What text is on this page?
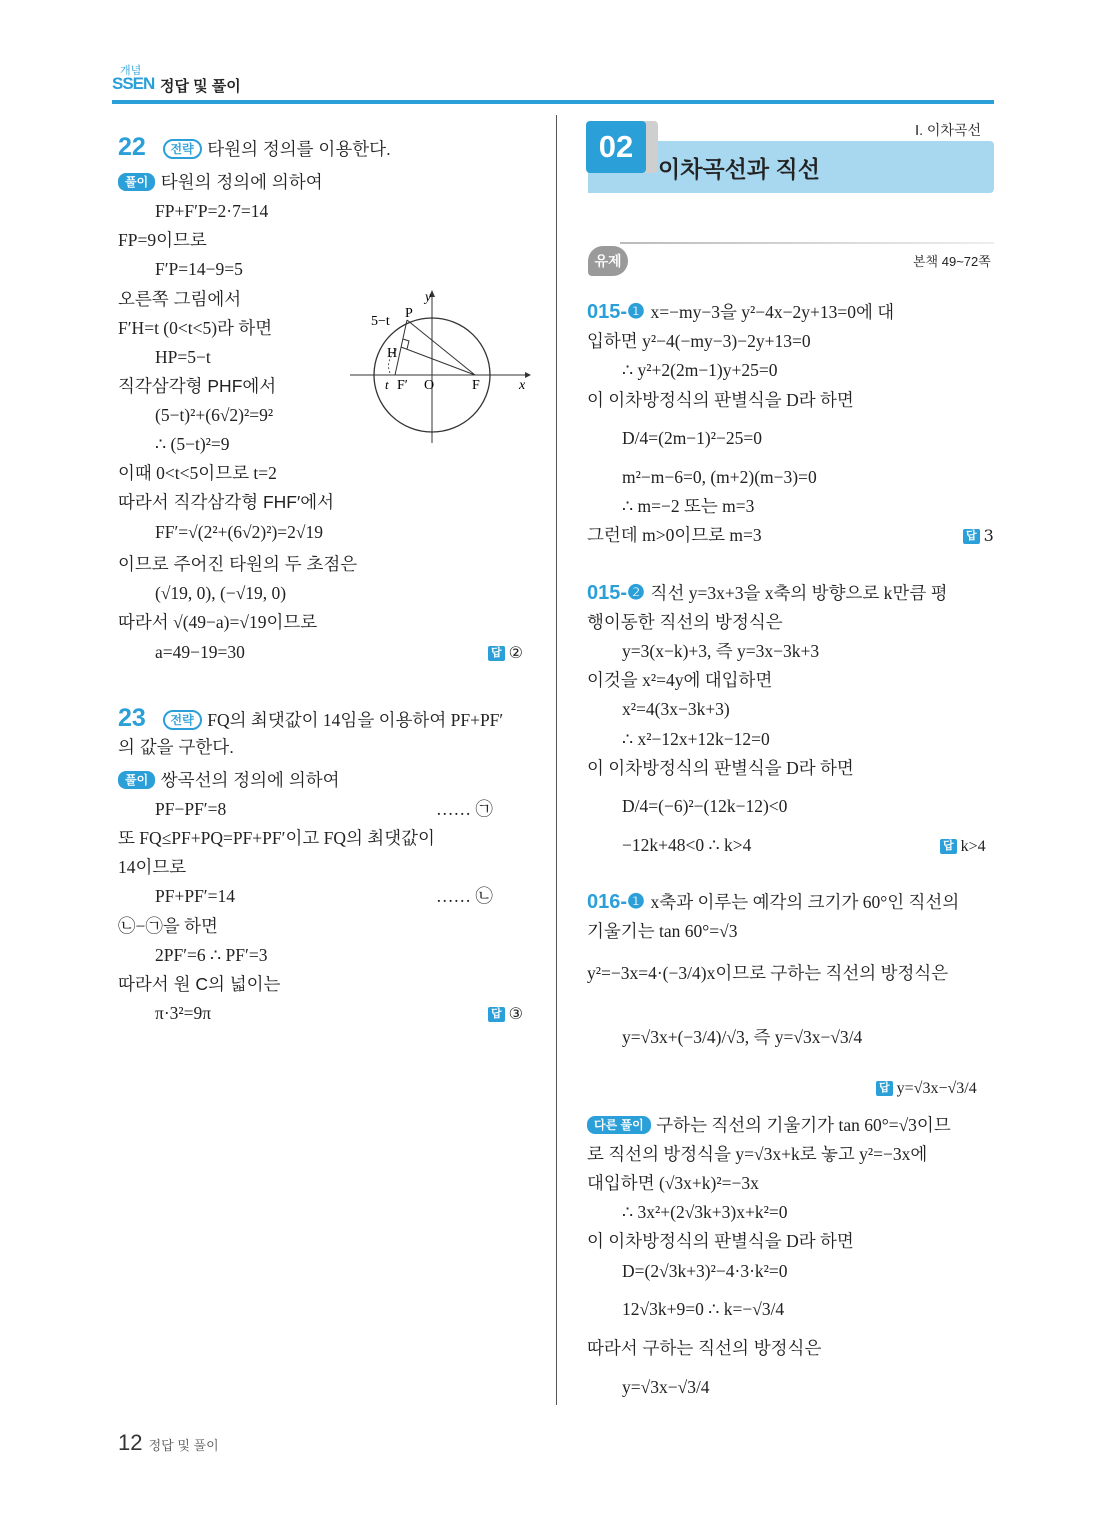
개념
SSEN 정답 및 풀이
22 전략 타원의 정의를 이용한다.
풀이 타원의 정의에 의하여
FP+F′P=2·7=14
FP=9이므로
F′P=14−9=5
오른쪽 그림에서
F′H=t (0<t<5)라 하면
HP=5−t
직각삼각형 PHF에서
(5−t)²+(6√2)²=9²
∴ (5−t)²=9
이때 0<t<5이므로 t=2
따라서 직각삼각형 FHF′에서
FF′=√(2²+(6√2)²)=2√19
이므로 주어진 타원의 두 초점은
(√19, 0), (−√19, 0)
따라서 √(49−a)=√19이므로
a=49−19=30	답 ②
5−t
P
H
t F′ O	F	x
y
23 전략 FQ의 최댓값이 14임을 이용하여 PF+PF′
의 값을 구한다.
풀이 쌍곡선의 정의에 의하여
PF−PF′=8	…… ㉠
또 FQ≤PF+PQ=PF+PF′이고 FQ의 최댓값이
14이므로
PF+PF′=14	…… ㉡
㉡−㉠을 하면
2PF′=6 ∴ PF′=3
따라서 원 C의 넓이는
π·3²=9π	답 ③
Ⅰ. 이차곡선
02
이차곡선과 직선
유제	본책 49~72쪽
015-❶ x=−my−3을 y²−4x−2y+13=0에 대
입하면 y²−4(−my−3)−2y+13=0
∴ y²+2(2m−1)y+25=0
이 이차방정식의 판별식을 D라 하면
D/4=(2m−1)²−25=0
m²−m−6=0, (m+2)(m−3)=0
∴ m=−2 또는 m=3
그런데 m>0이므로 m=3	답 3
015-❷ 직선 y=3x+3을 x축의 방향으로 k만큼 평
행이동한 직선의 방정식은
y=3(x−k)+3, 즉 y=3x−3k+3
이것을 x²=4y에 대입하면
x²=4(3x−3k+3)
∴ x²−12x+12k−12=0
이 이차방정식의 판별식을 D라 하면
D/4=(−6)²−(12k−12)<0
−12k+48<0 ∴ k>4	답 k>4
016-❶ x축과 이루는 예각의 크기가 60°인 직선의
기울기는 tan 60°=√3
y²=−3x=4·(−3/4)x이므로 구하는 직선의 방정식은
y=√3x+(−3/4)/√3, 즉 y=√3x−√3/4
답 y=√3x−√3/4
다른 풀이 구하는 직선의 기울기가 tan 60°=√3이므
로 직선의 방정식을 y=√3x+k로 놓고 y²=−3x에
대입하면 (√3x+k)²=−3x
∴ 3x²+(2√3k+3)x+k²=0
이 이차방정식의 판별식을 D라 하면
D=(2√3k+3)²−4·3·k²=0
12√3k+9=0 ∴ k=−√3/4
따라서 구하는 직선의 방정식은
y=√3x−√3/4
12 정답 및 풀이
